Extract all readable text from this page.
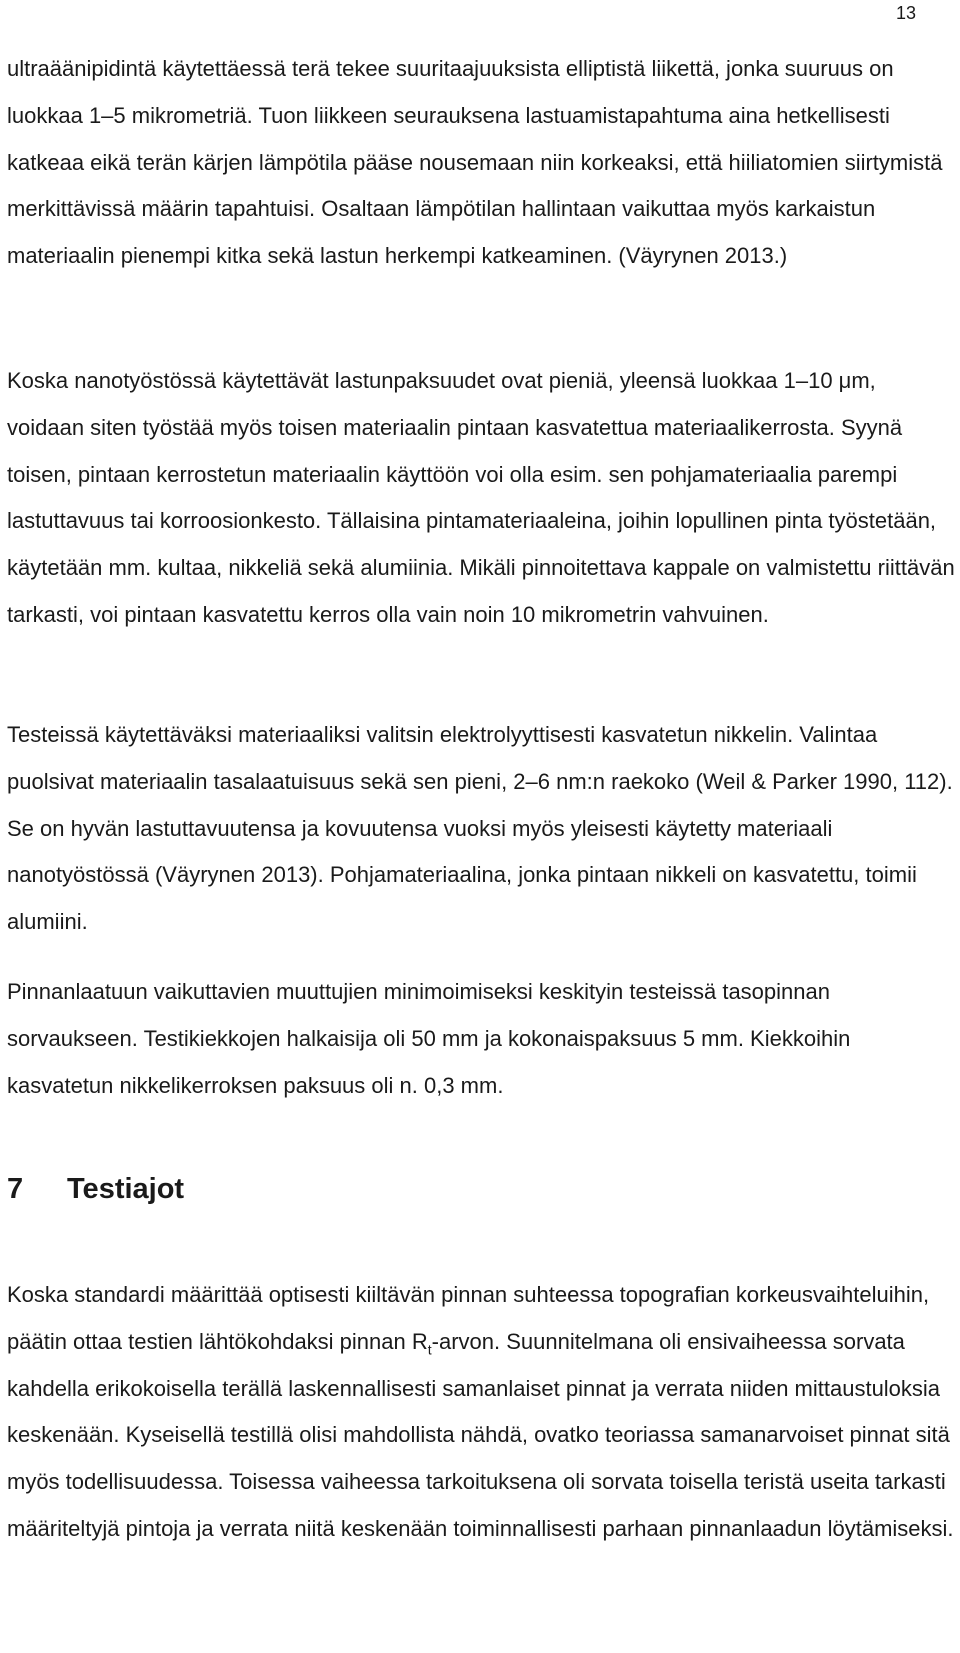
13

ultraäänipidintä käytettäessä terä tekee suuritaajuuksista elliptistä liikettä, jonka suuruus on luokkaa 1–5 mikrometriä. Tuon liikkeen seurauksena lastuamistapahtuma aina hetkellisesti katkeaa eikä terän kärjen lämpötila pääse nousemaan niin korkeaksi, että hiiliatomien siirtymistä merkittävissä määrin tapahtuisi. Osaltaan lämpötilan hallintaan vaikuttaa myös karkaistun materiaalin pienempi kitka sekä lastun herkempi katkeaminen. (Väyrynen 2013.)

Koska nanotyöstössä käytettävät lastunpaksuudet ovat pieniä, yleensä luokkaa 1–10 μm, voidaan siten työstää myös toisen materiaalin pintaan kasvatettua materiaalikerrosta. Syynä toisen, pintaan kerrostetun materiaalin käyttöön voi olla esim. sen pohjamateriaalia parempi lastuttavuus tai korroosionkesto. Tällaisina pintamateriaaleina, joihin lopullinen pinta työstetään, käytetään mm. kultaa, nikkeliä sekä alumiinia. Mikäli pinnoitettava kappale on valmistettu riittävän tarkasti, voi pintaan kasvatettu kerros olla vain noin 10 mikrometrin vahvuinen.

Testeissä käytettäväksi materiaaliksi valitsin elektrolyyttisesti kasvatetun nikkelin. Valintaa puolsivat materiaalin tasalaatuisuus sekä sen pieni, 2–6 nm:n raekoko (Weil & Parker 1990, 112). Se on hyvän lastuttavuutensa ja kovuutensa vuoksi myös yleisesti käytetty materiaali nanotyöstössä (Väyrynen 2013). Pohjamateriaalina, jonka pintaan nikkeli on kasvatettu, toimii alumiini.

Pinnanlaatuun vaikuttavien muuttujien minimoimiseksi keskityin testeissä tasopinnan sorvaukseen. Testikiekkojen halkaisija oli 50 mm ja kokonaispaksuus 5 mm. Kiekkoihin kasvatetun nikkelikerroksen paksuus oli n. 0,3 mm.

7 Testiajot

Koska standardi määrittää optisesti kiiltävän pinnan suhteessa topografian korkeusvaihteluihin, päätin ottaa testien lähtökohdaksi pinnan $R_t$-arvon. Suunnitelmana oli ensivaiheessa sorvata kahdella erikokoisella terällä laskennallisesti samanlaiset pinnat ja verrata niiden mittaustuloksia keskenään. Kyseisellä testillä olisi mahdollista nähdä, ovatko teoriassa samanarvoiset pinnat sitä myös todellisuudessa. Toisessa vaiheessa tarkoituksena oli sorvata toisella teristä useita tarkasti määriteltyjä pintoja ja verrata niitä keskenään toiminnallisesti parhaan pinnanlaadun löytämiseksi.
